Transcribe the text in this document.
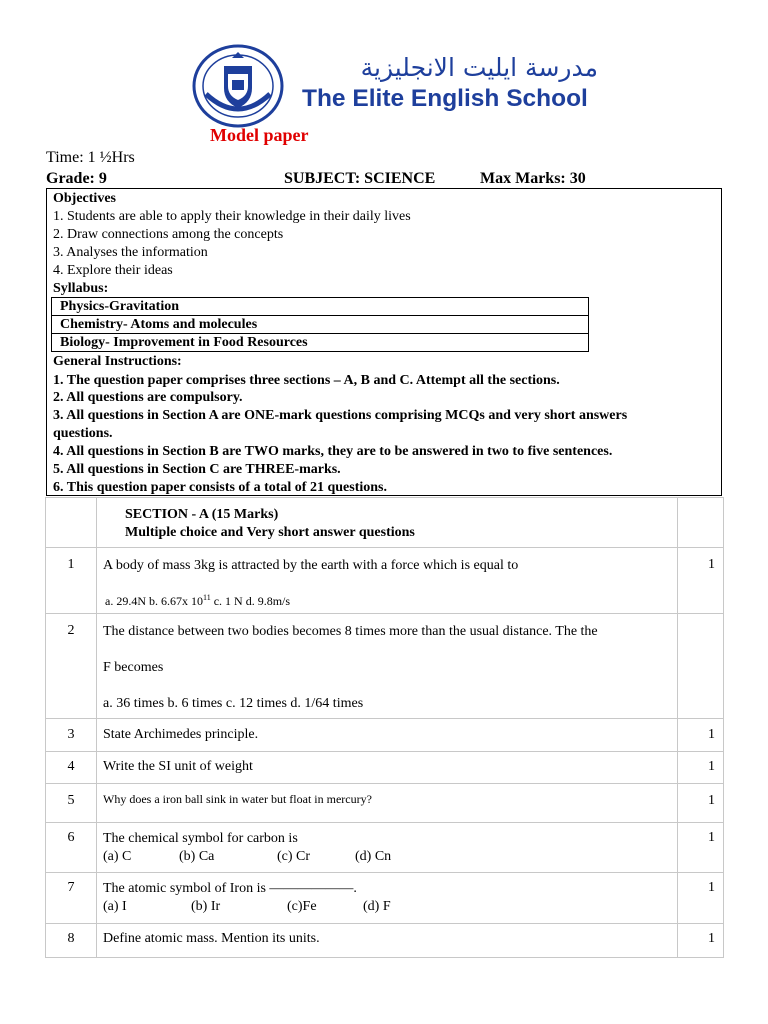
مدرسة ايليت الانجليزية
The Elite English School
Model paper
Time: 1 ½Hrs
Grade: 9	SUBJECT: SCIENCE	Max Marks: 30
Objectives
1. Students are able to apply their knowledge in their daily lives
2. Draw connections among the concepts
3. Analyses the information
4. Explore their ideas
Syllabus:
Physics-Gravitation
Chemistry- Atoms and molecules
Biology- Improvement in Food Resources
General Instructions:
1. The question paper comprises three sections – A, B and C. Attempt all the sections.
2. All questions are compulsory.
3. All questions in Section A are ONE-mark questions comprising MCQs and very short answers
questions.
4. All questions in Section B are TWO marks, they are to be answered in two to five sentences.
5. All questions in Section C are THREE-marks.
6. This question paper consists of a total of 21 questions.

	SECTION - A (15 Marks)
Multiple choice and Very short answer questions	

1	A body of mass 3kg is attracted by the earth with a force which is equal to
a. 29.4N b. 6.67x $10^{11}$ c. 1 N d. 9.8m/s	1
2	The distance between two bodies becomes 8 times more than the usual distance. The the
F becomes
a. 36 times b. 6 times c. 12 times d. 1/64 times	

3	State Archimedes principle.	1
4	Write the SI unit of weight	1
5	Why does a iron ball sink in water but float in mercury?	1
6	The chemical symbol for carbon is
(a) C (b) Ca (c) Cr (d) Cn	1
7	The atomic symbol of Iron is ——————.
(a) I (b) Ir (c)Fe (d) F	1
8	Define atomic mass. Mention its units.	1
